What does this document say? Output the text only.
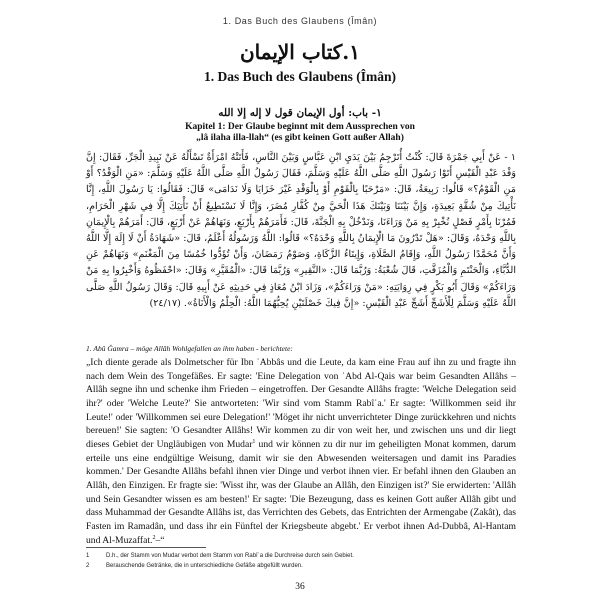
1. Das Buch des Glaubens (Îmân)
١.كتاب الإيمان
1. Das Buch des Glaubens (Îmân)
١- باب: أول الإيمان قول لا إله إلا الله
Kapitel 1: Der Glaube beginnt mit dem Aussprechen von
„lâ ilaha illa-llah“ (es gibt keinen Gott außer Allah)

١ - عَنْ أَبِي جَمْرَةَ قَالَ: كُنْتُ أُتَرْجِمُ بَيْنَ يَدَيِ ابْنِ عَبَّاسٍ وَبَيْنَ النَّاسِ، فَأَتَتْهُ امْرَأَةٌ تَسْأَلُهُ عَنْ نَبِيذِ الْجَرِّ، فَقَالَ: إِنَّ وَفْدَ عَبْدِ الْقَيْسِ أَتَوْا رَسُولَ اللَّهِ صَلَّى اللَّهُ عَلَيْهِ وَسَلَّمَ، فَقَالَ رَسُولُ اللَّهِ صَلَّى اللَّهُ عَلَيْهِ وَسَلَّمَ: «مَنِ الْوَفْدُ؟ أَوْ مَنِ الْقَوْمُ؟» قَالُوا: رَبِيعَةُ، قَالَ: «مَرْحَبًا بِالْقَوْمِ أَوْ بِالْوَفْدِ غَيْرَ خَزَايَا وَلَا نَدَامَى» قَالَ: فَقَالُوا: يَا رَسُولَ اللَّهِ، إِنَّا نَأْتِيكَ مِنْ شُقَّةٍ بَعِيدَةٍ، وَإِنَّ بَيْنَنَا وَبَيْنَكَ هَذَا الْحَيَّ مِنْ كُفَّارِ مُضَرَ، وَإِنَّا لَا نَسْتَطِيعُ أَنْ نَأْتِيَكَ إِلَّا فِي شَهْرِ الْحَرَامِ، فَمُرْنَا بِأَمْرٍ فَصْلٍ نُخْبِرْ بِهِ مَنْ وَرَاءَنَا، وَنَدْخُلْ بِهِ الْجَنَّةَ، قَالَ: فَأَمَرَهُمْ بِأَرْبَعٍ، وَنَهَاهُمْ عَنْ أَرْبَعٍ، قَالَ: أَمَرَهُمْ بِالْإِيمَانِ بِاللَّهِ وَحْدَهُ، وَقَالَ: «هَلْ تَدْرُونَ مَا الْإِيمَانُ بِاللَّهِ وَحْدَهُ؟» قَالُوا: اللَّهُ وَرَسُولُهُ أَعْلَمُ، قَالَ: «شَهَادَةُ أَنْ لَا إِلَهَ إِلَّا اللَّهُ وَأَنَّ مُحَمَّدًا رَسُولُ اللَّهِ، وَإِقَامُ الصَّلَاةِ، وَإِيتَاءُ الزَّكَاةِ، وَصَوْمُ رَمَضَانَ، وَأَنْ تُؤَدُّوا خُمُسًا مِنَ الْمَغْنَمِ» وَنَهَاهُمْ عَنِ الدُّبَّاءِ، وَالْحَنْتَمِ وَالْمُزَفَّتِ، قَالَ شُعْبَةُ: وَرُبَّمَا قَالَ: «النَّقِيرِ» وَرُبَّمَا قَالَ: «الْمُقَيَّرِ» وَقَالَ: «احْفَظُوهُ وَأَخْبِرُوا بِهِ مَنْ وَرَاءَكُمْ» وَقَالَ أَبُو بَكْرٍ فِي رِوَايَتِهِ: «مَنْ وَرَاءَكُمْ»، وَزَادَ ابْنُ مُعَاذٍ فِي حَدِيثِهِ عَنْ أَبِيهِ قَالَ: وَقَالَ رَسُولُ اللَّهِ صَلَّى اللَّهُ عَلَيْهِ وَسَلَّمَ لِلْأَشَجِّ أَشَجِّ عَبْدِ الْقَيْسِ: «إِنَّ فِيكَ خَصْلَتَيْنِ يُحِبُّهُمَا اللَّهُ: الْحِلْمُ وَالْأَنَاةُ». (٢٤/١٧)

1. Abû Ğamra – möge Allâh Wohlgefallen an ihm haben - berichtete:

„Ich diente gerade als Dolmetscher für Ibn ʿAbbâs und die Leute, da kam eine Frau auf ihn zu und fragte ihn nach dem Wein des Tongefäßes. Er sagte: 'Eine Delegation von ʿAbd Al-Qais war beim Gesandten Allâhs – Allâh segne ihn und schenke ihm Frieden – eingetroffen. Der Gesandte Allâhs fragte: 'Welche Delegation seid ihr?' oder 'Welche Leute?' Sie antworteten: 'Wir sind vom Stamm Rabîʿa.' Er sagte: 'Willkommen seid ihr Leute!' oder 'Willkommen sei eure Delegation!' 'Möget ihr nicht unverrichteter Dinge zurückkehren und nichts bereuen!' Sie sagten: 'O Gesandter Allâhs! Wir kommen zu dir von weit her, und zwischen uns und dir liegt dieses Gebiet der Ungläubigen von Mudar$^1$ und wir können zu dir nur im geheiligten Monat kommen, darum erteile uns eine endgültige Weisung, damit wir sie den Abwesenden weitersagen und damit ins Paradies kommen.' Der Gesandte Allâhs befahl ihnen vier Dinge und verbot ihnen vier. Er befahl ihnen den Glauben an Allâh, den Einzigen. Er fragte sie: 'Wisst ihr, was der Glaube an Allâh, den Einzigen ist?' Sie erwiderten: 'Allâh und Sein Gesandter wissen es am besten!' Er sagte: 'Die Bezeugung, dass es keinen Gott außer Allâh gibt und dass Muhammad der Gesandte Allâhs ist, das Verrichten des Gebets, das Entrichten der Armengabe (Zakât), das Fasten im Ramadân, und dass ihr ein Fünftel der Kriegsbeute abgebt.' Er verbot ihnen Ad-Dubbâ, Al-Hantam und Al-Muzaffat.$^2$–“

1	D.h., der Stamm von Mudar verbot dem Stamm von Rabîʿa die Durchreise durch sein Gebiet.
2	Berauschende Getränke, die in unterschiedliche Gefäße abgefüllt wurden.
36
